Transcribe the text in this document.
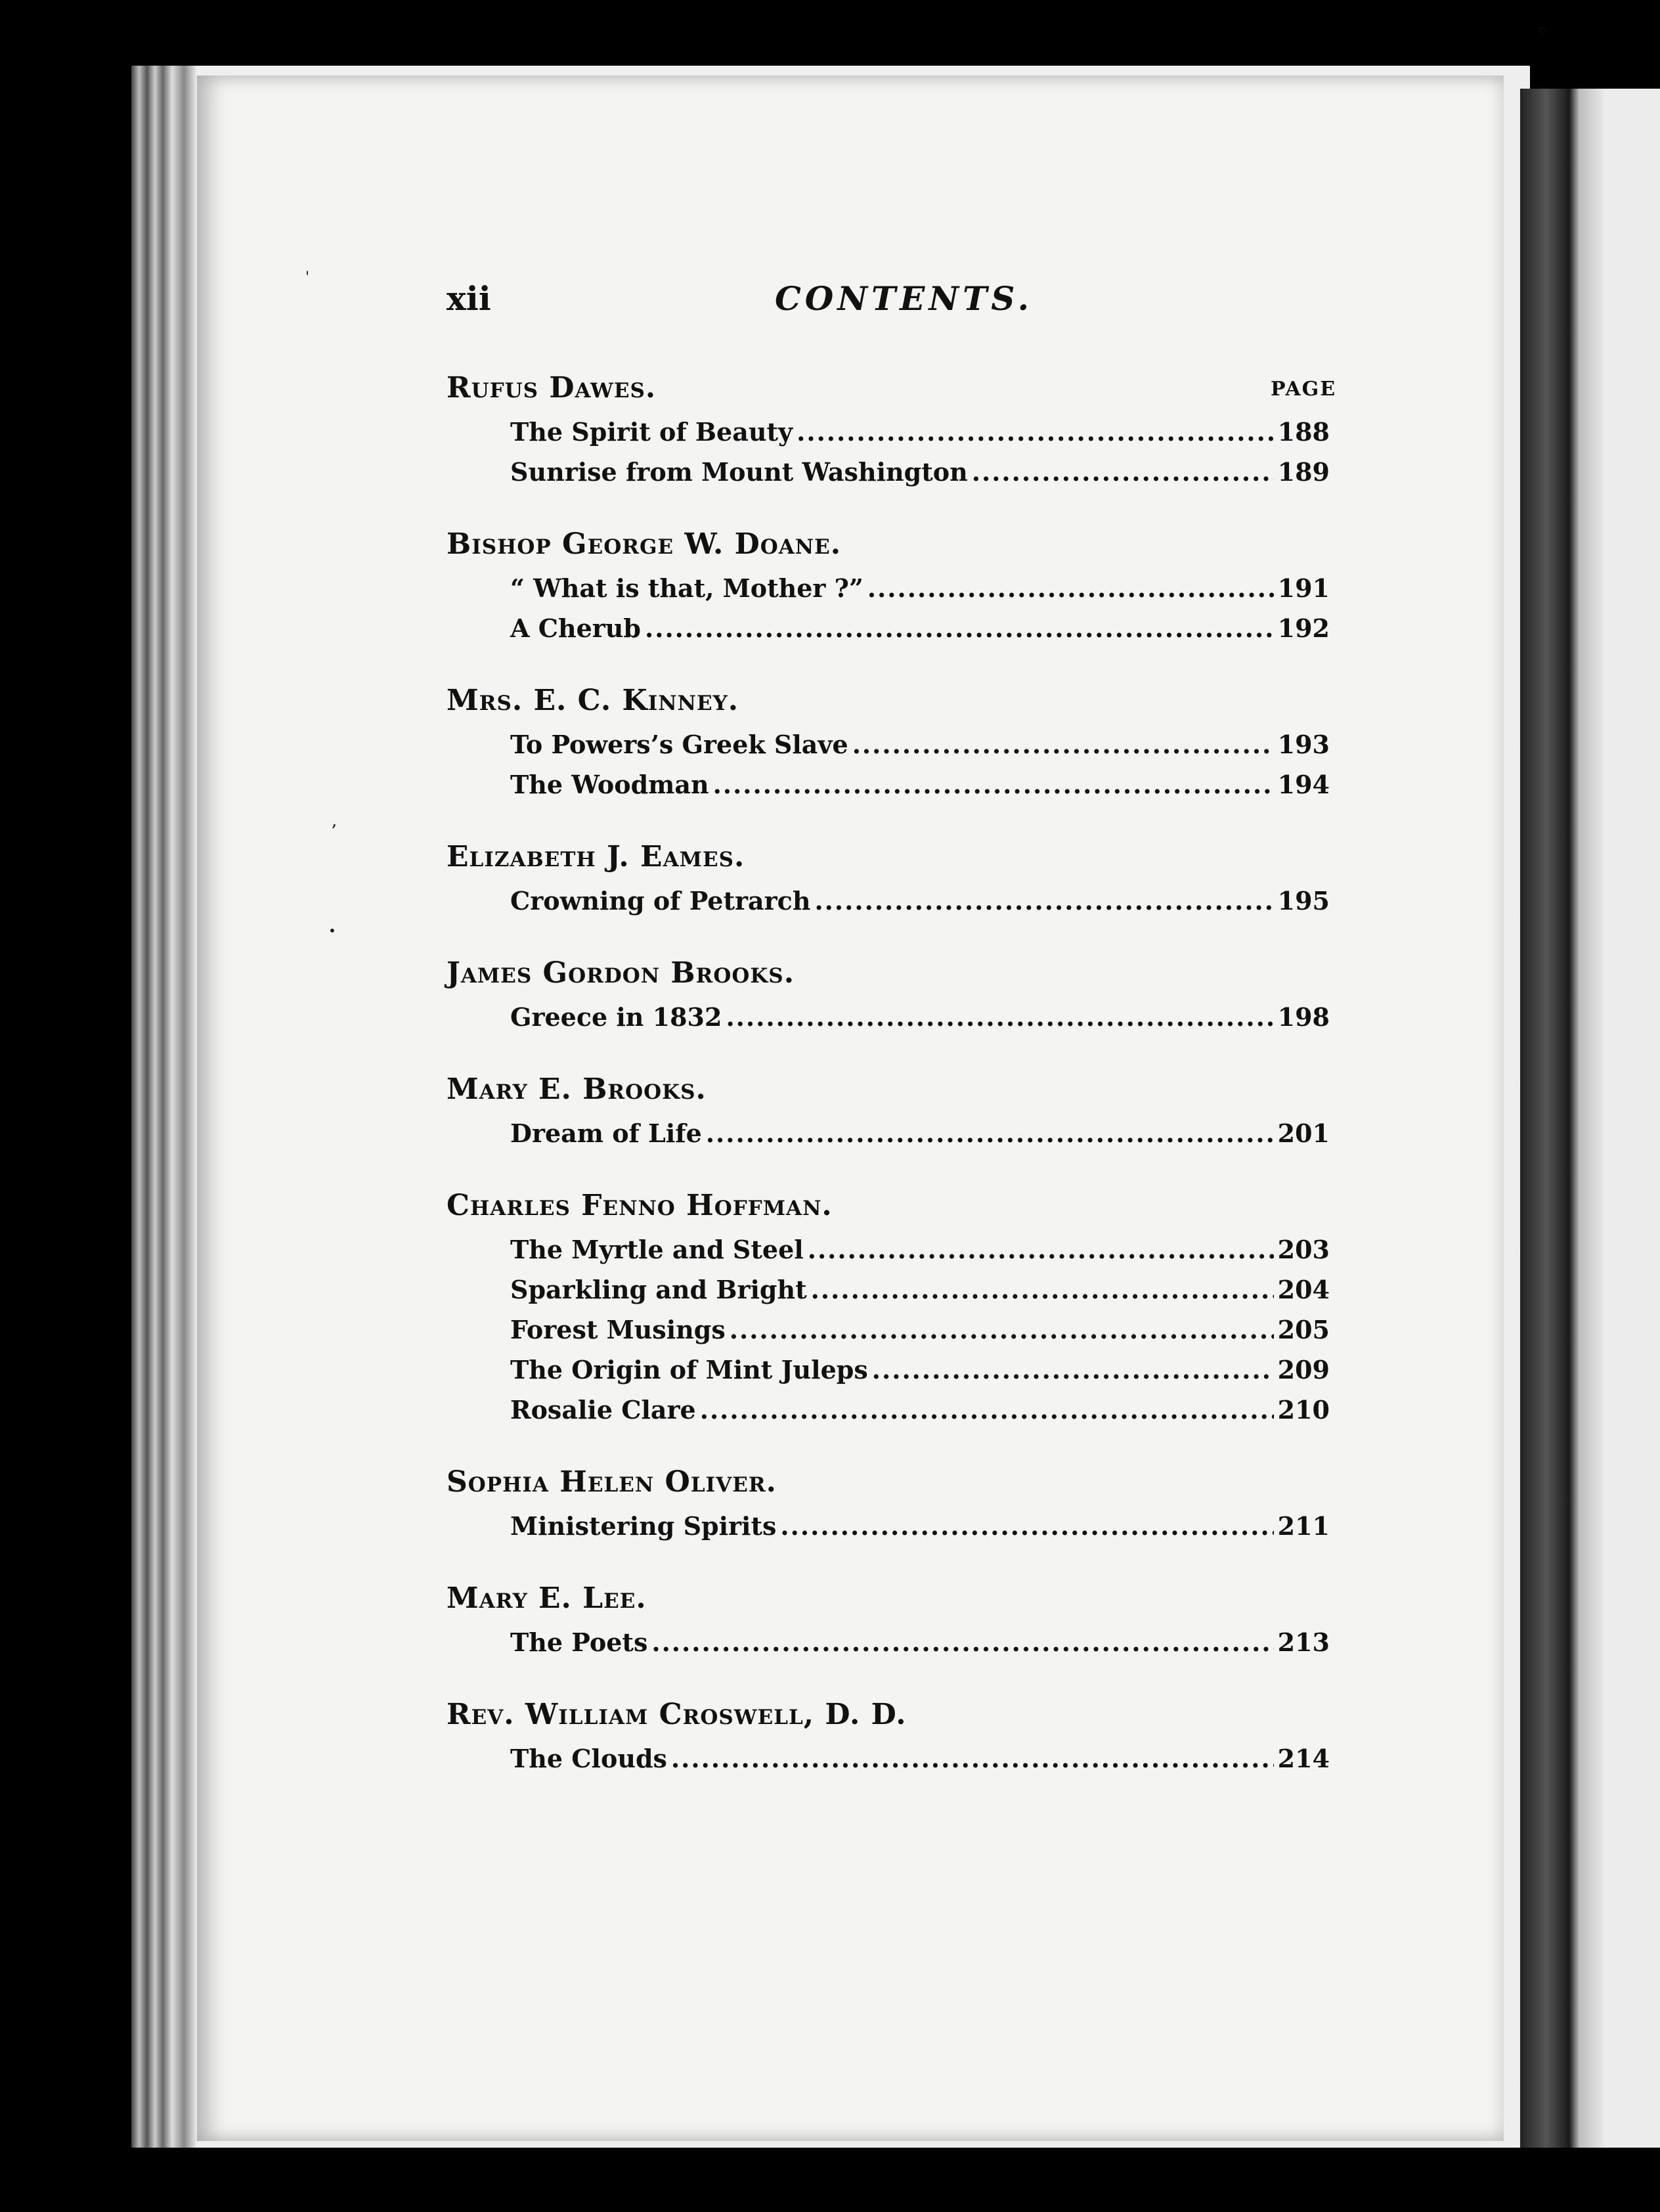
◦
'
,
•
xii	CONTENTS.
PAGE
Rufus Dawes.
The Spirit of Beauty .....	188
Sunrise from Mount Washington .....	189
Bishop George W. Doane.
“ What is that, Mother ?” .....	191
A Cherub .....	192
Mrs. E. C. Kinney.
To Powers’s Greek Slave .....	193
The Woodman .....	194
Elizabeth J. Eames.
Crowning of Petrarch .....	195
James Gordon Brooks.
Greece in 1832 .....	198
Mary E. Brooks.
Dream of Life .....	201
Charles Fenno Hoffman.
The Myrtle and Steel .....	203
Sparkling and Bright .....	204
Forest Musings .....	205
The Origin of Mint Juleps .....	209
Rosalie Clare .....	210
Sophia Helen Oliver.
Ministering Spirits .....	211
Mary E. Lee.
The Poets .....	213
Rev. William Croswell, D. D.
The Clouds .....	214
